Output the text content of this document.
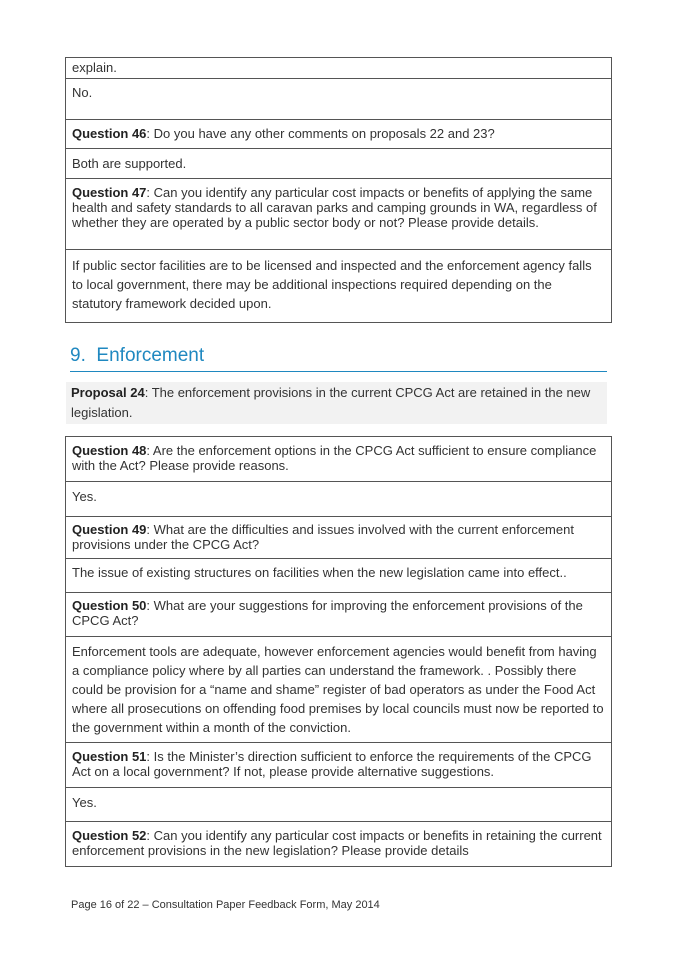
explain.
No.
Question 46: Do you have any other comments on proposals 22 and 23?
Both are supported.
Question 47: Can you identify any particular cost impacts or benefits of applying the same health and safety standards to all caravan parks and camping grounds in WA, regardless of whether they are operated by a public sector body or not? Please provide details.
If public sector facilities are to be licensed and inspected and the enforcement agency falls to local government, there may be additional inspections required depending on the statutory framework decided upon.
9. Enforcement
Proposal 24: The enforcement provisions in the current CPCG Act are retained in the new legislation.
Question 48: Are the enforcement options in the CPCG Act sufficient to ensure compliance with the Act? Please provide reasons.
Yes.
Question 49: What are the difficulties and issues involved with the current enforcement provisions under the CPCG Act?
The issue of existing structures on facilities when the new legislation came into effect..
Question 50: What are your suggestions for improving the enforcement provisions of the CPCG Act?
Enforcement tools are adequate, however enforcement agencies would benefit from having a compliance policy where by all parties can understand the framework. . Possibly there could be provision for a “name and shame” register of bad operators as under the Food Act where all prosecutions on offending food premises by local councils must now be reported to the government within a month of the conviction.
Question 51: Is the Minister’s direction sufficient to enforce the requirements of the CPCG Act on a local government? If not, please provide alternative suggestions.
Yes.
Question 52: Can you identify any particular cost impacts or benefits in retaining the current enforcement provisions in the new legislation? Please provide details
Page 16 of 22 – Consultation Paper Feedback Form, May 2014
